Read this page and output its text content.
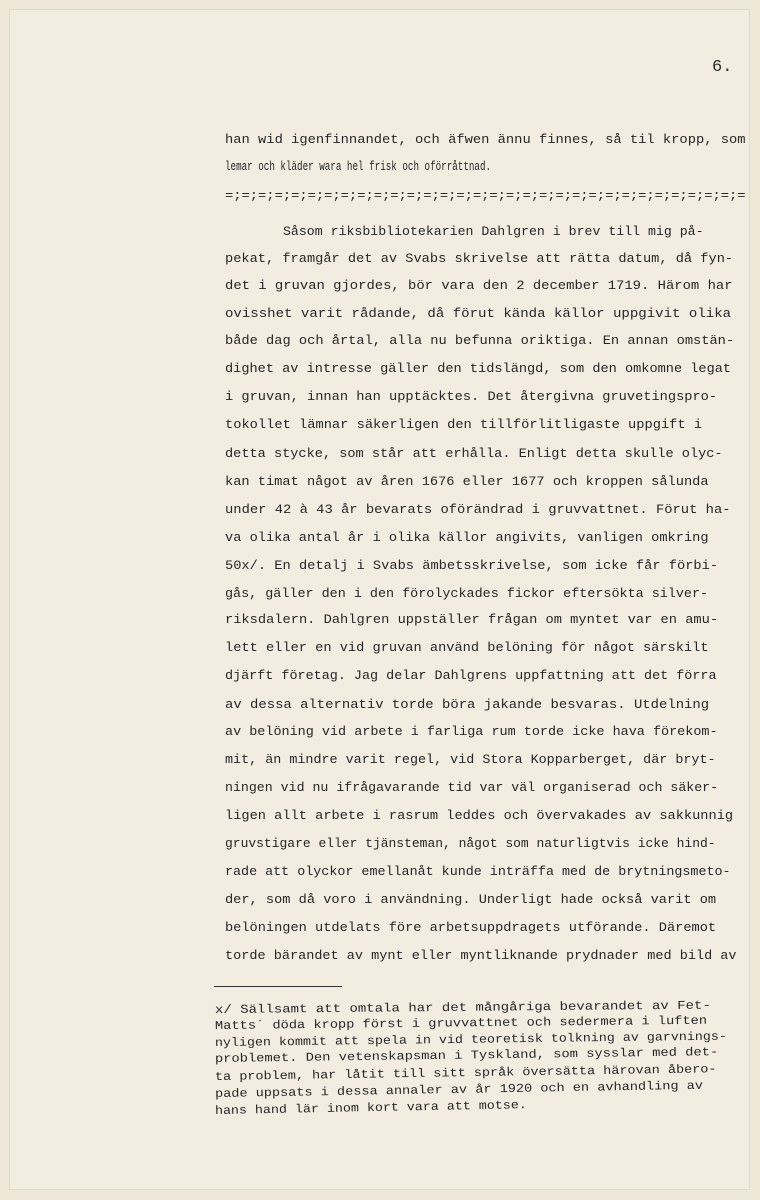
6.
han wid igenfinnandet, och äfwen ännu finnes, så til kropp, som
lemar och kläder wara hel frisk och oförråttnad.
=;=;=;=;=;=;=;=;=;=;=;=;=;=;=;=;=;=;=;=;=;=;=;=;=;=;=;=;=;=;=;=
Såsom riksbibliotekarien Dahlgren i brev till mig på-
pekat, framgår det av Svabs skrivelse att rätta datum, då fyn-
det i gruvan gjordes, bör vara den 2 december 1719. Härom har
ovisshet varit rådande, då förut kända källor uppgivit olika
både dag och årtal, alla nu befunna oriktiga. En annan omstän-
dighet av intresse gäller den tidslängd, som den omkomne legat
i gruvan, innan han upptäcktes. Det återgivna gruvetingspro-
tokollet lämnar säkerligen den tillförlitligaste uppgift i
detta stycke, som står att erhålla. Enligt detta skulle olyc-
kan timat något av åren 1676 eller 1677 och kroppen sålunda
under 42 à 43 år bevarats oförändrad i gruvvattnet. Förut ha-
va olika antal år i olika källor angivits, vanligen omkring
50x/. En detalj i Svabs ämbetsskrivelse, som icke får förbi-
gås, gäller den i den förolyckades fickor eftersökta silver-
riksdalern. Dahlgren uppställer frågan om myntet var en amu-
lett eller en vid gruvan använd belöning för något särskilt
djärft företag. Jag delar Dahlgrens uppfattning att det förra
av dessa alternativ torde böra jakande besvaras. Utdelning
av belöning vid arbete i farliga rum torde icke hava förekom-
mit, än mindre varit regel, vid Stora Kopparberget, där bryt-
ningen vid nu ifrågavarande tid var väl organiserad och säker-
ligen allt arbete i rasrum leddes och övervakades av sakkunnig
gruvstigare eller tjänsteman, något som naturligtvis icke hind-
rade att olyckor emellanåt kunde inträffa med de brytningsmeto-
der, som då voro i användning. Underligt hade också varit om
belöningen utdelats före arbetsuppdragets utförande. Däremot
torde bärandet av mynt eller myntliknande prydnader med bild av
x/ Sällsamt att omtala har det mångåriga bevarandet av Fet-
Matts´ döda kropp först i gruvvattnet och sedermera i luften
nyligen kommit att spela in vid teoretisk tolkning av garvnings-
problemet. Den vetenskapsman i Tyskland, som sysslar med det-
ta problem, har låtit till sitt språk översätta härovan åbero-
pade uppsats i dessa annaler av år 1920 och en avhandling av
hans hand lär inom kort vara att motse.
